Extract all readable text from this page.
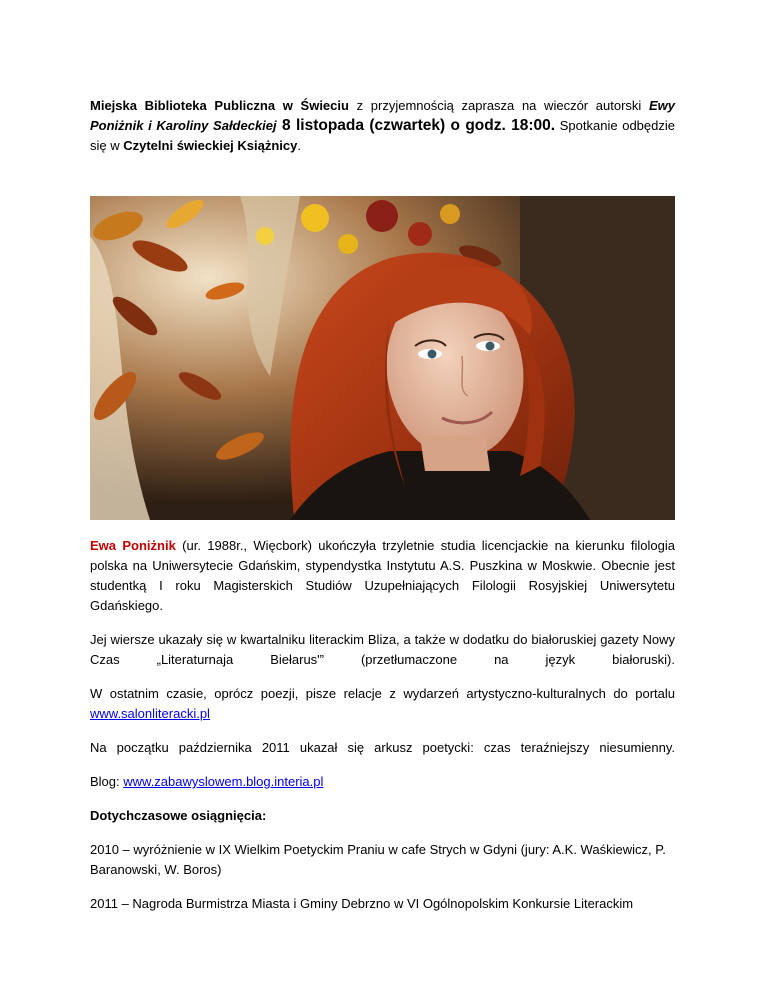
Miejska Biblioteka Publiczna w Świeciu z przyjemnością zaprasza na wieczór autorski Ewy Poniżnik i Karoliny Sałdeckiej 8 listopada (czwartek) o godz. 18:00. Spotkanie odbędzie się w Czytelni świeckiej Książnicy.

Ewa Poniżnik (ur. 1988r., Więcbork) ukończyła trzyletnie studia licencjackie na kierunku filologia polska na Uniwersytecie Gdańskim, stypendystka Instytutu A.S. Puszkina w Moskwie. Obecnie jest studentką I roku Magisterskich Studiów Uzupełniających Filologii Rosyjskiej Uniwersytetu Gdańskiego.

Jej wiersze ukazały się w kwartalniku literackim Bliza, a także w dodatku do białoruskiej gazety Nowy
Czas „Literaturnaja Biełarus'” (przetłumaczone na język białoruski).

W ostatnim czasie, oprócz poezji, pisze relacje z wydarzeń artystyczno-kulturalnych do portalu www.salonliteracki.pl

Na początku października 2011 ukazał się arkusz poetycki: czas teraźniejszy niesumienny.

Blog: www.zabawyslowem.blog.interia.pl

Dotychczasowe osiągnięcia:

2010 – wyróżnienie w IX Wielkim Poetyckim Praniu w cafe Strych w Gdyni (jury: A.K. Waśkiewicz, P. Baranowski, W. Boros)

2011 – Nagroda Burmistrza Miasta i Gminy Debrzno w VI Ogólnopolskim Konkursie Literackim
